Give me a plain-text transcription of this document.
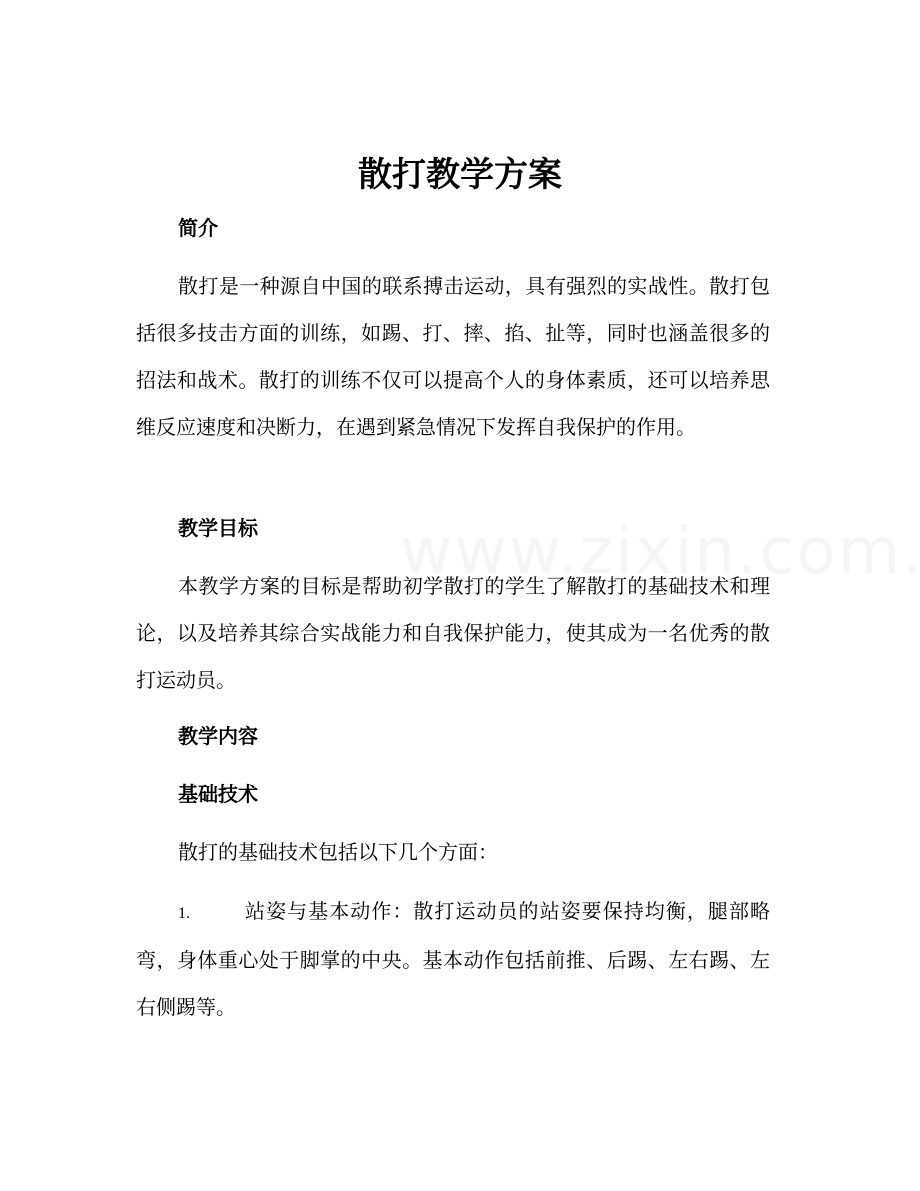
散打教学方案
简介

散打是一种源自中国的联系搏击运动，具有强烈的实战性。散打包括很多技击方面的训练，如踢、打、摔、掐、扯等，同时也涵盖很多的招法和战术。散打的训练不仅可以提高个人的身体素质，还可以培养思维反应速度和决断力，在遇到紧急情况下发挥自我保护的作用。

教学目标

本教学方案的目标是帮助初学散打的学生了解散打的基础技术和理论，以及培养其综合实战能力和自我保护能力，使其成为一名优秀的散打运动员。

教学内容
基础技术

散打的基础技术包括以下几个方面：

1.	站姿与基本动作：散打运动员的站姿要保持均衡，腿部略弯，身体重心处于脚掌的中央。基本动作包括前推、后踢、左右踢、左右侧踢等。
